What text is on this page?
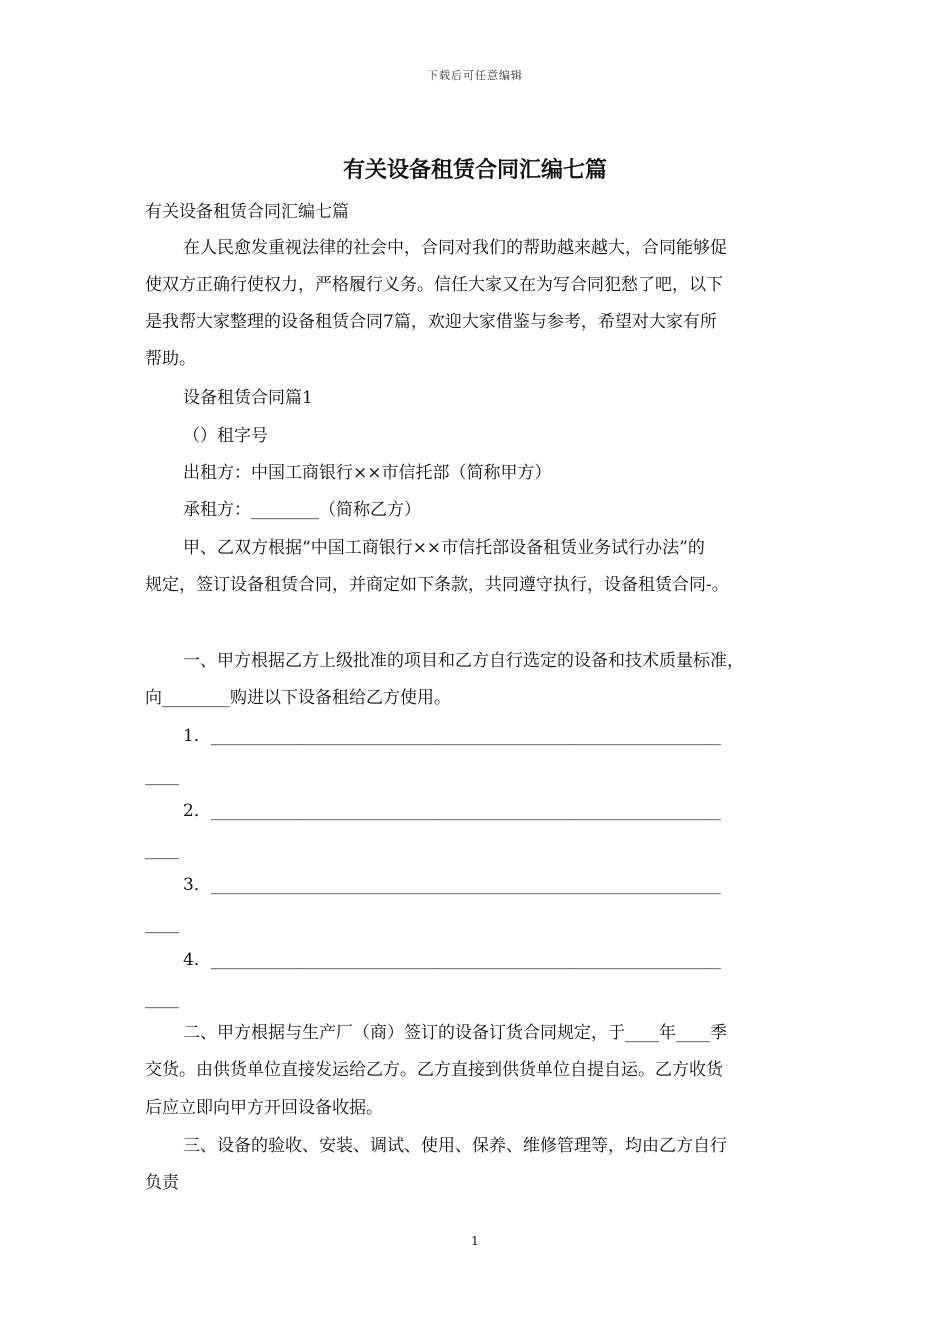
下载后可任意编辑
有关设备租赁合同汇编七篇
有关设备租赁合同汇编七篇
在人民愈发重视法律的社会中，合同对我们的帮助越来越大，合同能够促
使双方正确行使权力，严格履行义务。信任大家又在为写合同犯愁了吧，以下
是我帮大家整理的设备租赁合同7篇，欢迎大家借鉴与参考，希望对大家有所
帮助。
设备租赁合同篇1
（）租字号
出租方：中国工商银行××市信托部（简称甲方）
承租方：________（简称乙方）
甲、乙双方根据“中国工商银行××市信托部设备租赁业务试行办法”的
规定，签订设备租赁合同，并商定如下条款，共同遵守执行，设备租赁合同-。
一、甲方根据乙方上级批准的项目和乙方自行选定的设备和技术质量标准，
向________购进以下设备租给乙方使用。
1．____________________________________________________________
____
2．____________________________________________________________
____
3．____________________________________________________________
____
4．____________________________________________________________
____
二、甲方根据与生产厂（商）签订的设备订货合同规定，于____年____季
交货。由供货单位直接发运给乙方。乙方直接到供货单位自提自运。乙方收货
后应立即向甲方开回设备收据。
三、设备的验收、安装、调试、使用、保养、维修管理等，均由乙方自行
负责
1
